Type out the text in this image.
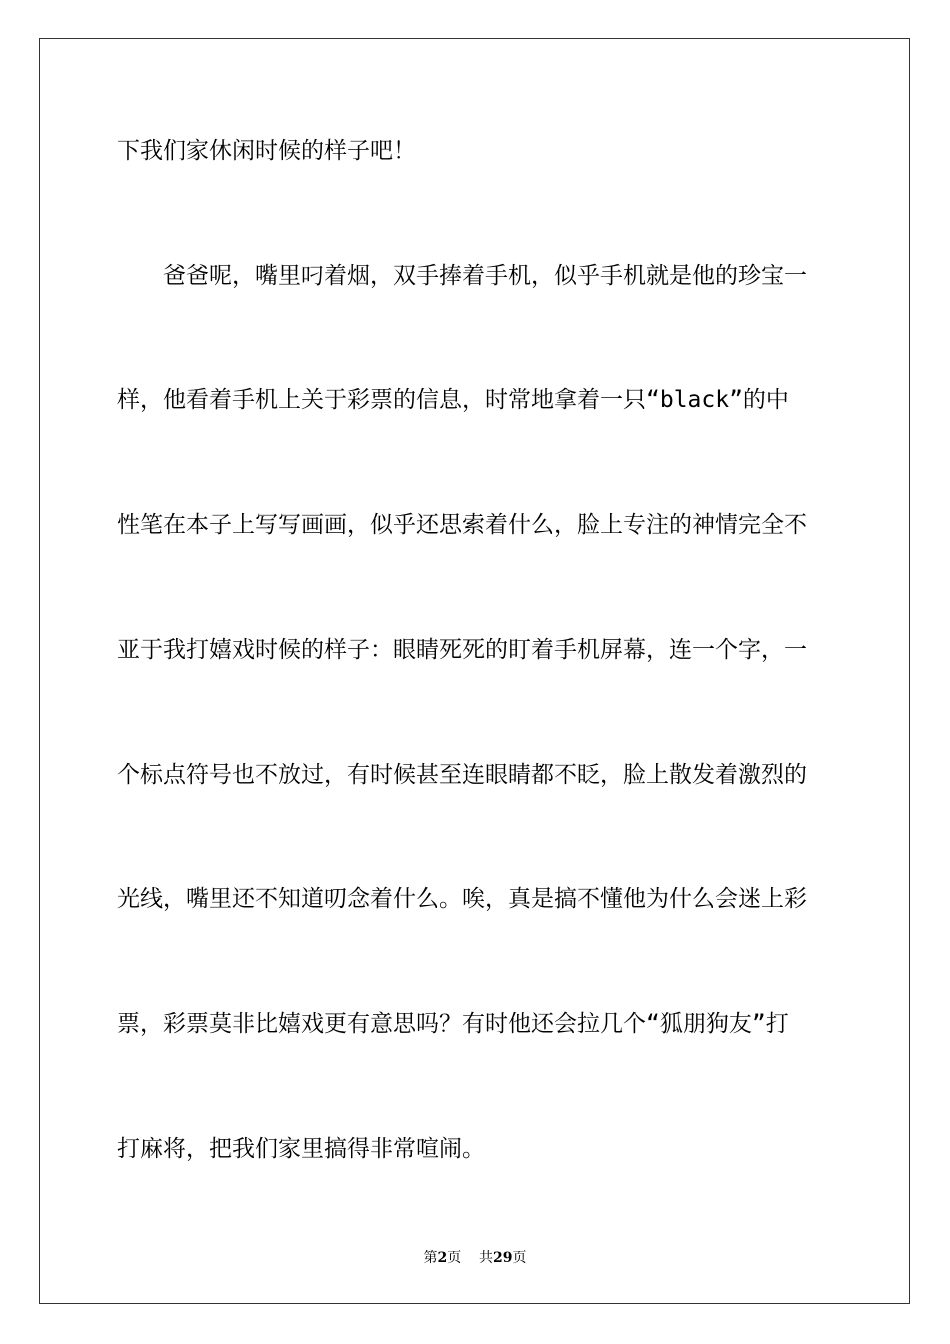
下我们家休闲时候的样子吧！
爸爸呢，嘴里叼着烟，双手捧着手机，似乎手机就是他的珍宝一
样，他看着手机上关于彩票的信息，时常地拿着一只“black”的中
性笔在本子上写写画画，似乎还思索着什么，脸上专注的神情完全不
亚于我打嬉戏时候的样子：眼睛死死的盯着手机屏幕，连一个字，一
个标点符号也不放过，有时候甚至连眼睛都不眨，脸上散发着激烈的
光线，嘴里还不知道叨念着什么。唉，真是搞不懂他为什么会迷上彩
票，彩票莫非比嬉戏更有意思吗？有时他还会拉几个“狐朋狗友”打
打麻将，把我们家里搞得非常喧闹。
第2页 共29页
